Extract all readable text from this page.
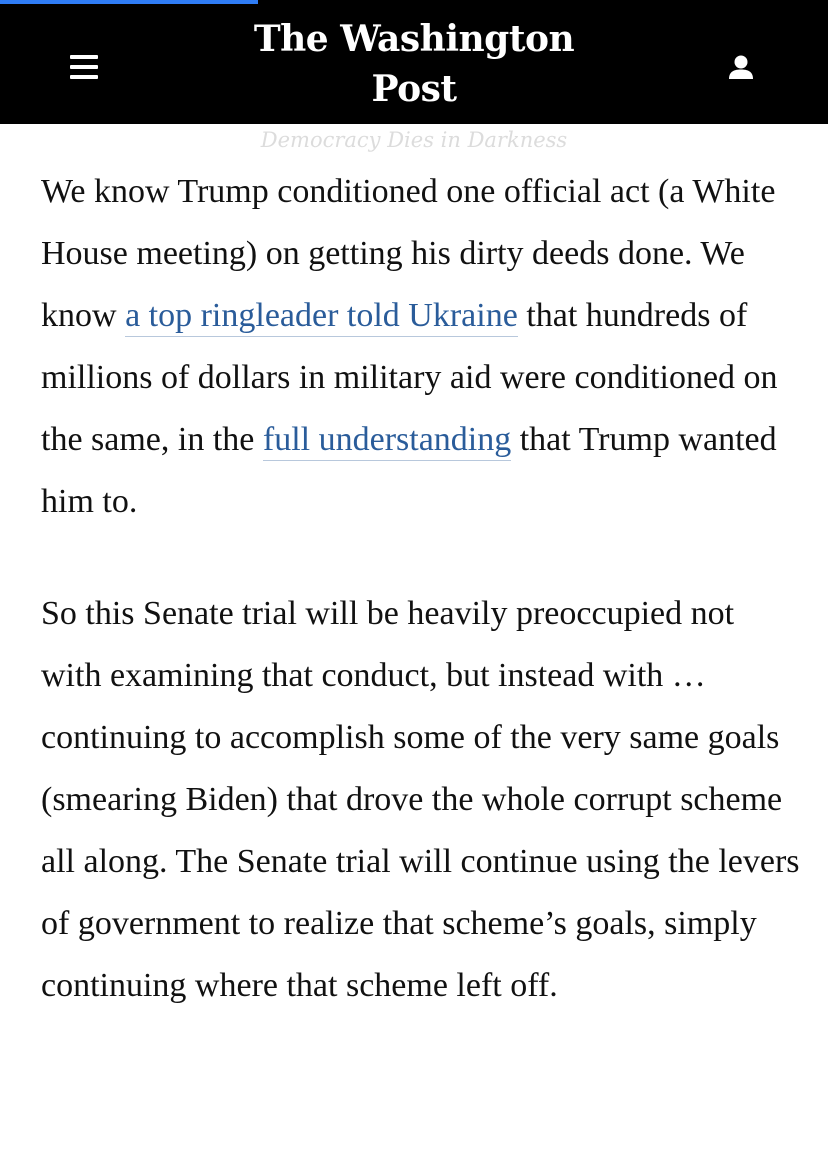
The Washington Post
Democracy Dies in Darkness

We know Trump conditioned one official act (a White House meeting) on getting his dirty deeds done. We know a top ringleader told Ukraine that hundreds of millions of dollars in military aid were conditioned on the same, in the full understanding that Trump wanted him to.

So this Senate trial will be heavily preoccupied not with examining that conduct, but instead with … continuing to accomplish some of the very same goals (smearing Biden) that drove the whole corrupt scheme all along. The Senate trial will continue using the levers of government to realize that scheme’s goals, simply continuing where that scheme left off.
